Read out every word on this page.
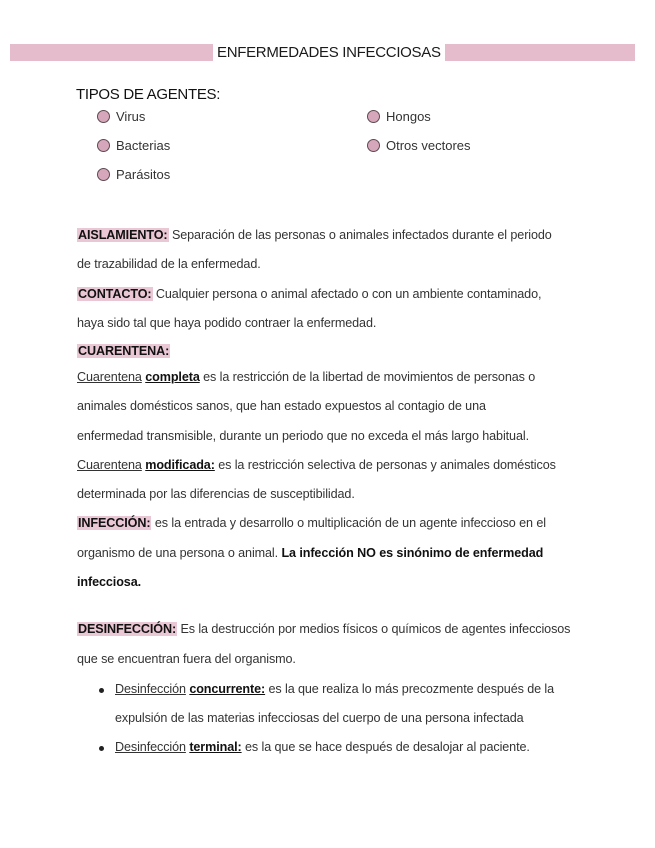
ENFERMEDADES INFECCIOSAS
TIPOS DE AGENTES:
Virus	Hongos
Bacterias	Otros vectores
Parásitos
AISLAMIENTO: Separación de las personas o animales infectados durante el periodo
de trazabilidad de la enfermedad.
CONTACTO: Cualquier persona o animal afectado o con un ambiente contaminado,
haya sido tal que haya podido contraer la enfermedad.
CUARENTENA:
Cuarentena completa es la restricción de la libertad de movimientos de personas o
animales domésticos sanos, que han estado expuestos al contagio de una
enfermedad transmisible, durante un periodo que no exceda el más largo habitual.
Cuarentena modificada: es la restricción selectiva de personas y animales domésticos
determinada por las diferencias de susceptibilidad.
INFECCIÓN: es la entrada y desarrollo o multiplicación de un agente infeccioso en el
organismo de una persona o animal. La infección NO es sinónimo de enfermedad
infecciosa.
DESINFECCIÓN: Es la destrucción por medios físicos o químicos de agentes infecciosos
que se encuentran fuera del organismo.
Desinfección concurrente: es la que realiza lo más precozmente después de la
expulsión de las materias infecciosas del cuerpo de una persona infectada
Desinfección terminal: es la que se hace después de desalojar al paciente.
